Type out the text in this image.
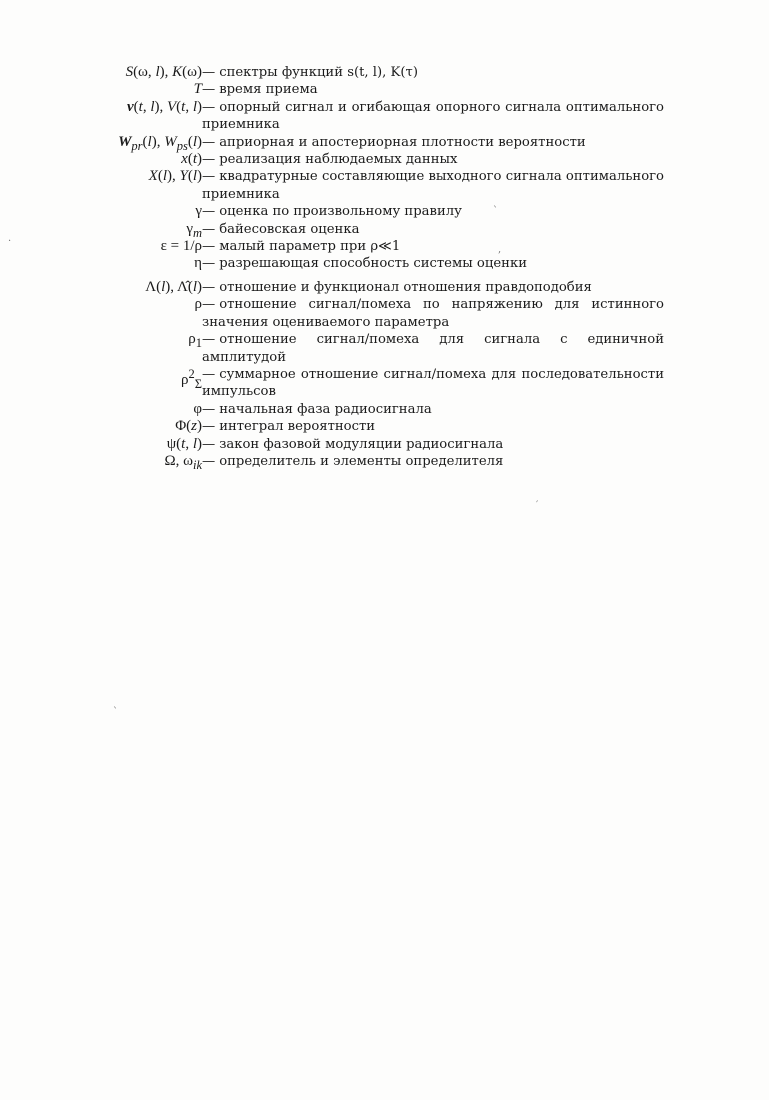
S(ω, l), K(ω) — спектры функций s(t, l), K(τ)
T — время приема
v(t, l), V(t, l) — опорный сигнал и огибающая опорного сигнала оптимального приемника
$W_{pr}(l)$, $W_{ps}(l)$ — априорная и апостериорная плотности вероятности
x(t) — реализация наблюдаемых данных
X(l), Y(l) — квадратурные составляющие выходного сигнала оптимального приемника
γ — оценка по произвольному правилу
$\gamma_m$ — байесовская оценка
ε = 1/ρ — малый параметр при ρ≪1
η — разрешающая способность системы оценки
Λ(l), Λ̂(l) — отношение и функционал отношения правдоподобия
ρ — отношение сигнал/помеха по напряжению для истинного значения оцениваемого параметра
$\rho_1$ — отношение сигнал/помеха для сигнала с единичной амплитудой
$\rho^2_\Sigma$
— суммарное отношение сигнал/помеха для последовательности импульсов
φ — начальная фаза радиосигнала
Φ(z) — интеграл вероятности
ψ(t, l) — закон фазовой модуляции радиосигнала
Ω, $\omega_{ik}$ — определитель и элементы определителя
`
,
′
`
·
